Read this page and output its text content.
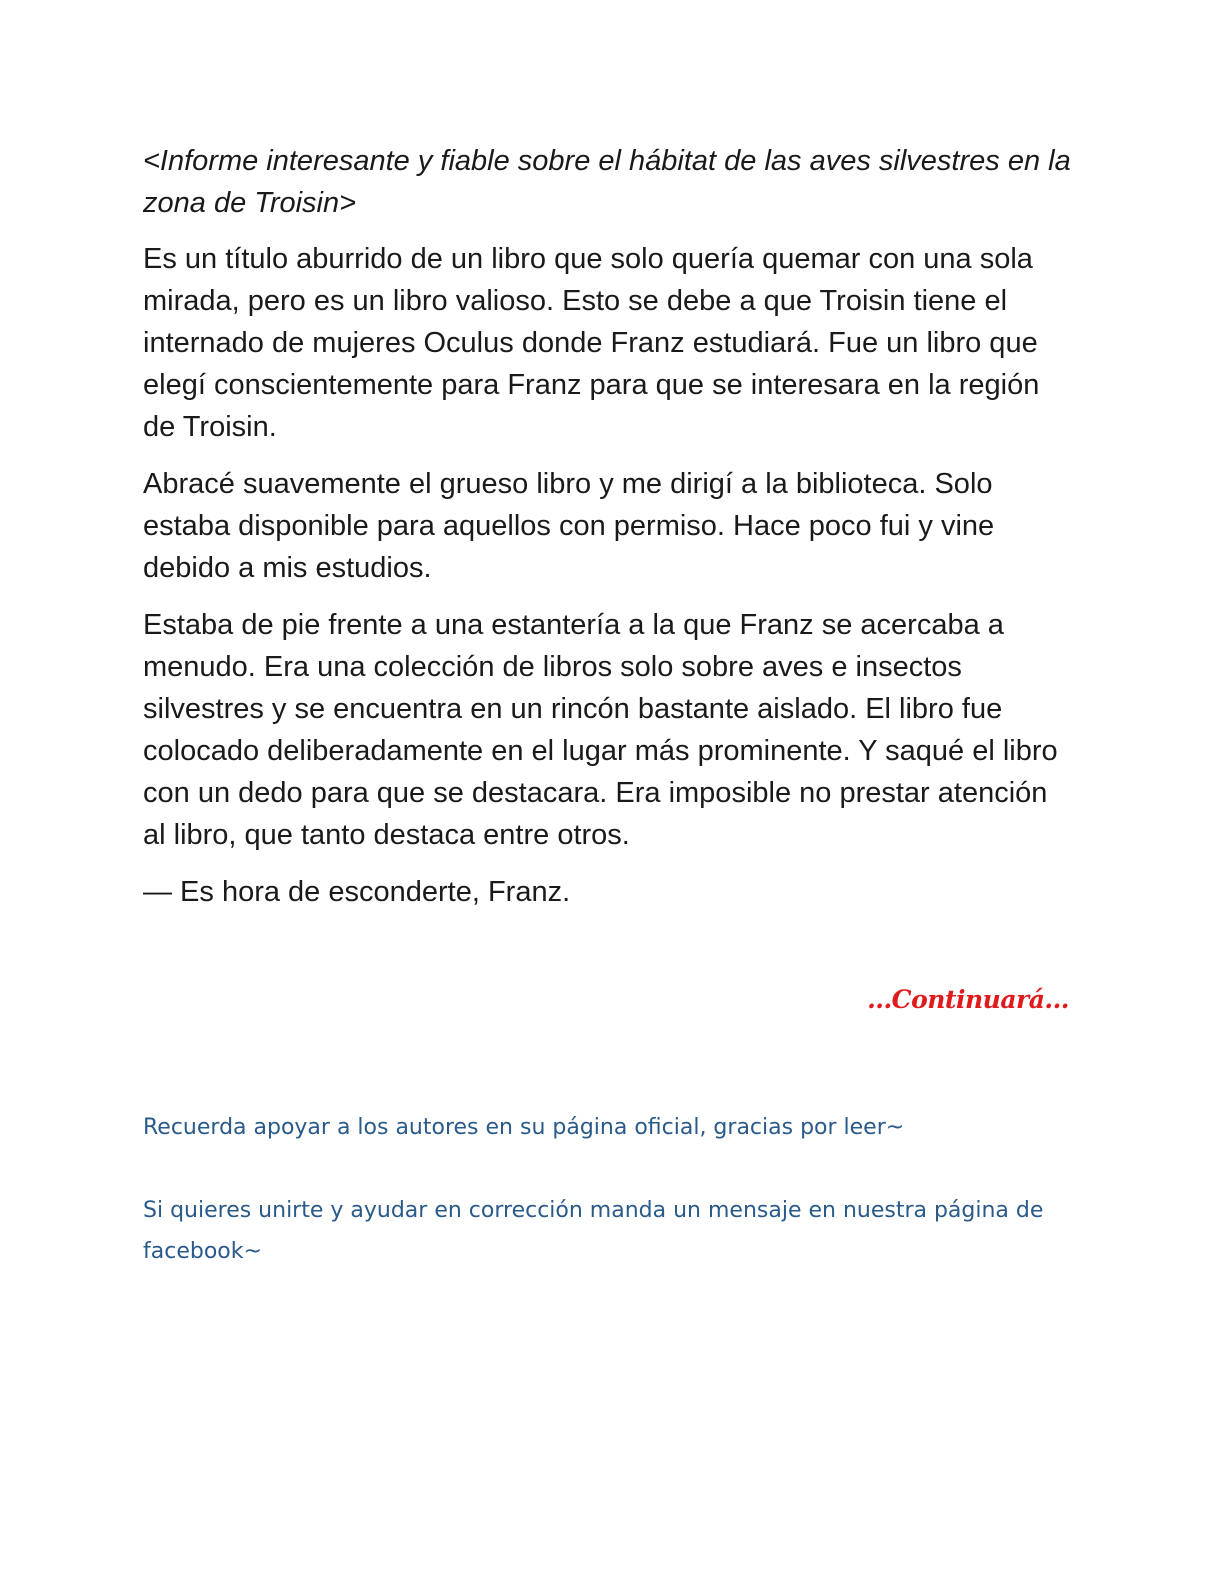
<Informe interesante y fiable sobre el hábitat de las aves silvestres en la zona de Troisin>

Es un título aburrido de un libro que solo quería quemar con una sola mirada, pero es un libro valioso. Esto se debe a que Troisin tiene el internado de mujeres Oculus donde Franz estudiará. Fue un libro que elegí conscientemente para Franz para que se interesara en la región de Troisin.

Abracé suavemente el grueso libro y me dirigí a la biblioteca. Solo estaba disponible para aquellos con permiso. Hace poco fui y vine debido a mis estudios.

Estaba de pie frente a una estantería a la que Franz se acercaba a menudo. Era una colección de libros solo sobre aves e insectos silvestres y se encuentra en un rincón bastante aislado. El libro fue colocado deliberadamente en el lugar más prominente. Y saqué el libro con un dedo para que se destacara. Era imposible no prestar atención al libro, que tanto destaca entre otros.

— Es hora de esconderte, Franz.

...Continuará...

Recuerda apoyar a los autores en su página oficial, gracias por leer~

Si quieres unirte y ayudar en corrección manda un mensaje en nuestra página de facebook~
